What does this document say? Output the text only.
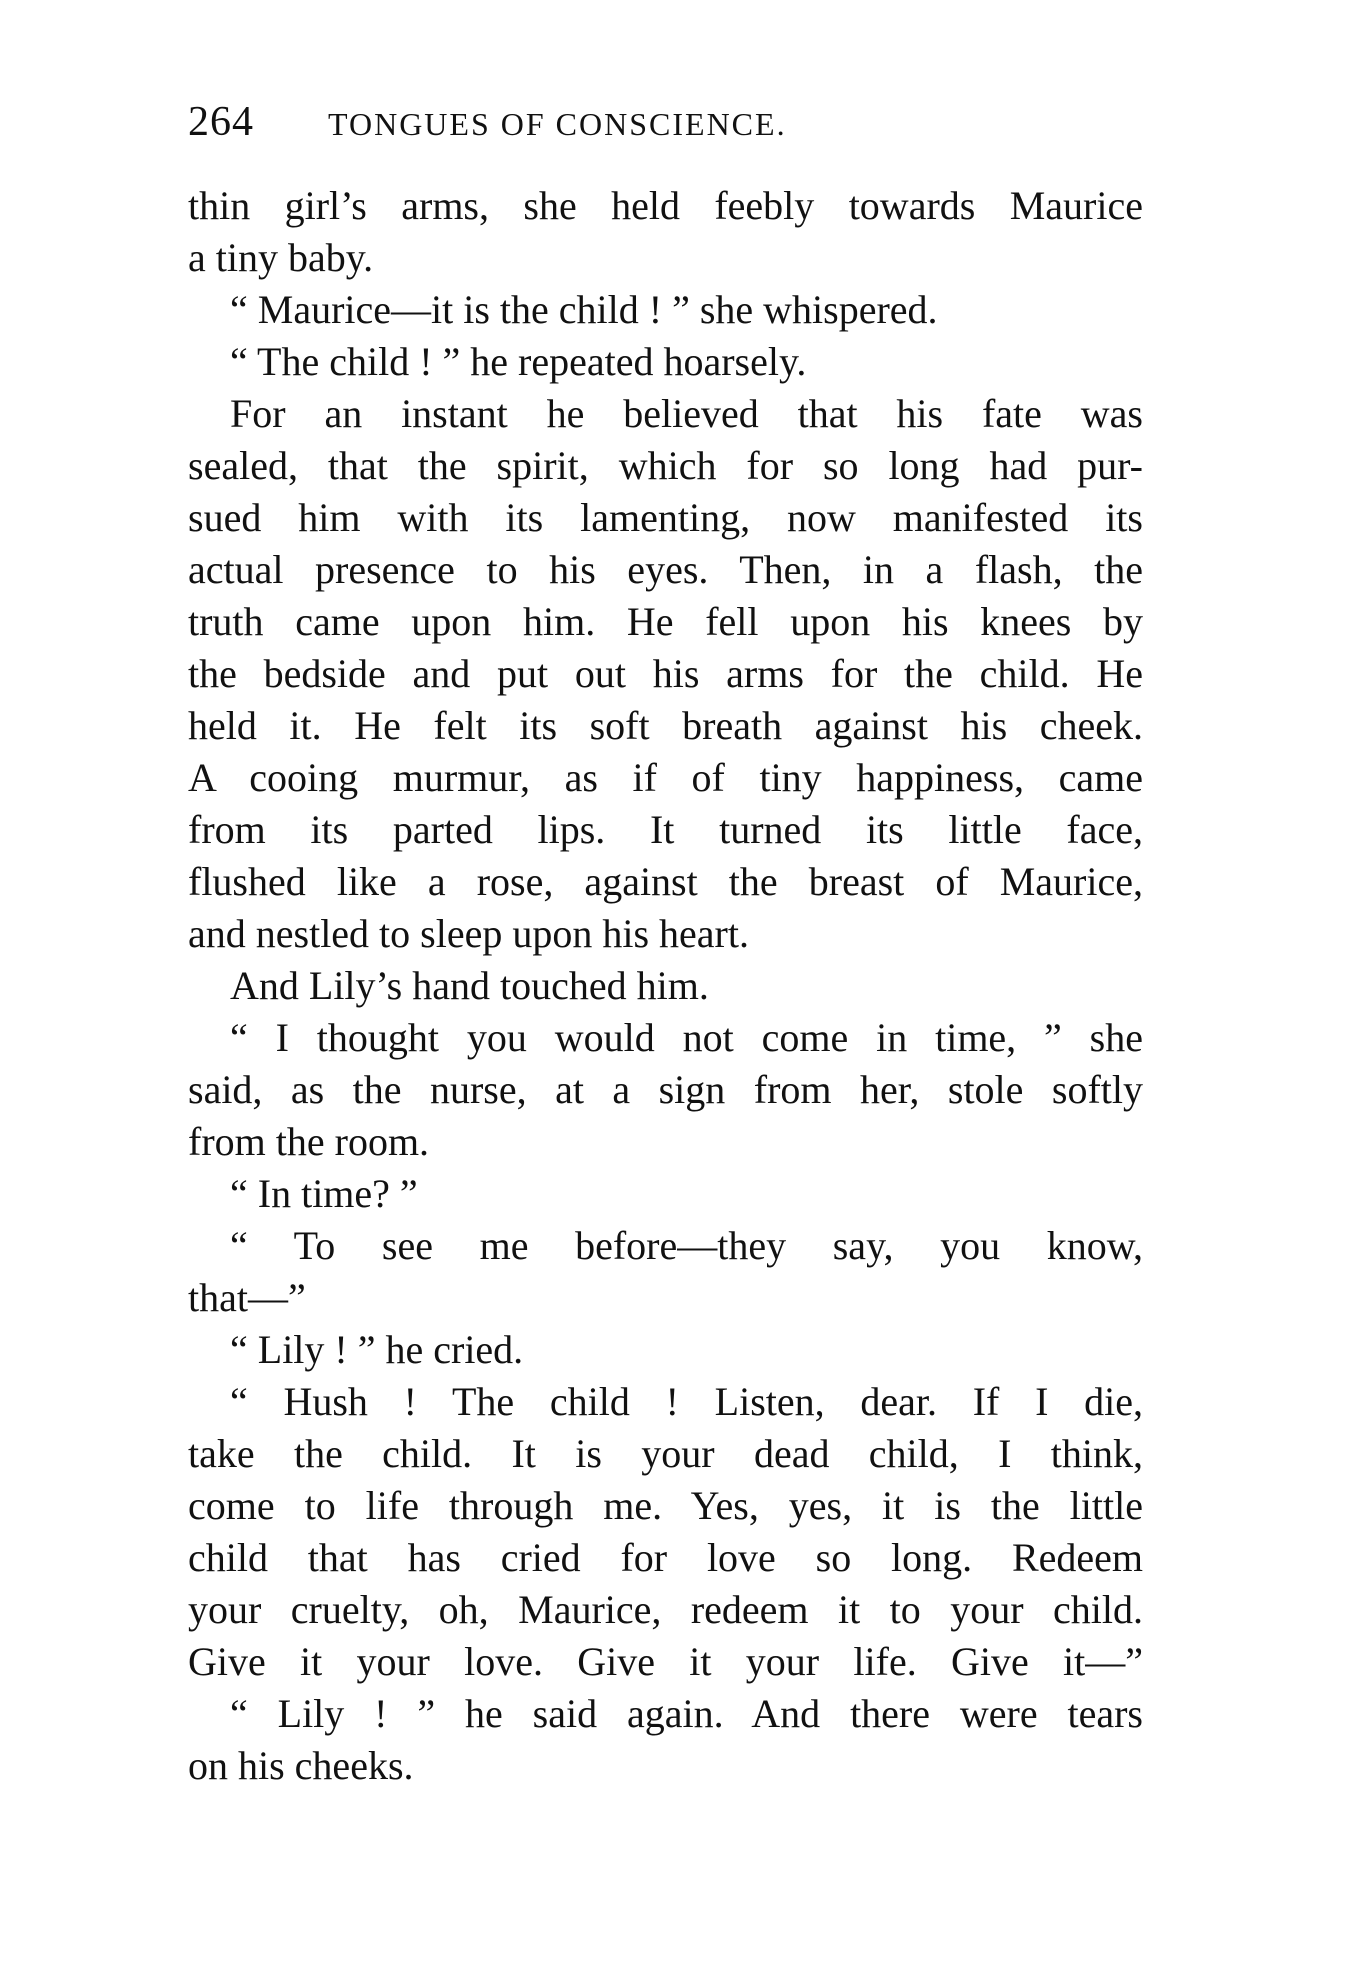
264 TONGUES OF CONSCIENCE.
thin girl’s arms, she held feebly towards Maurice
a tiny baby.
“ Maurice—it is the child ! ” she whispered.
“ The child ! ” he repeated hoarsely.
For an instant he believed that his fate was
sealed, that the spirit, which for so long had pur-
sued him with its lamenting, now manifested its
actual presence to his eyes. Then, in a flash, the
truth came upon him. He fell upon his knees by
the bedside and put out his arms for the child. He
held it. He felt its soft breath against his cheek.
A cooing murmur, as if of tiny happiness, came
from its parted lips. It turned its little face,
flushed like a rose, against the breast of Maurice,
and nestled to sleep upon his heart.
And Lily’s hand touched him.
“ I thought you would not come in time, ” she
said, as the nurse, at a sign from her, stole softly
from the room.
“ In time? ”
“ To see me before—they say, you know,
that—”
“ Lily ! ” he cried.
“ Hush ! The child ! Listen, dear. If I die,
take the child. It is your dead child, I think,
come to life through me. Yes, yes, it is the little
child that has cried for love so long. Redeem
your cruelty, oh, Maurice, redeem it to your child.
Give it your love. Give it your life. Give it—”
“ Lily ! ” he said again. And there were tears
on his cheeks.
